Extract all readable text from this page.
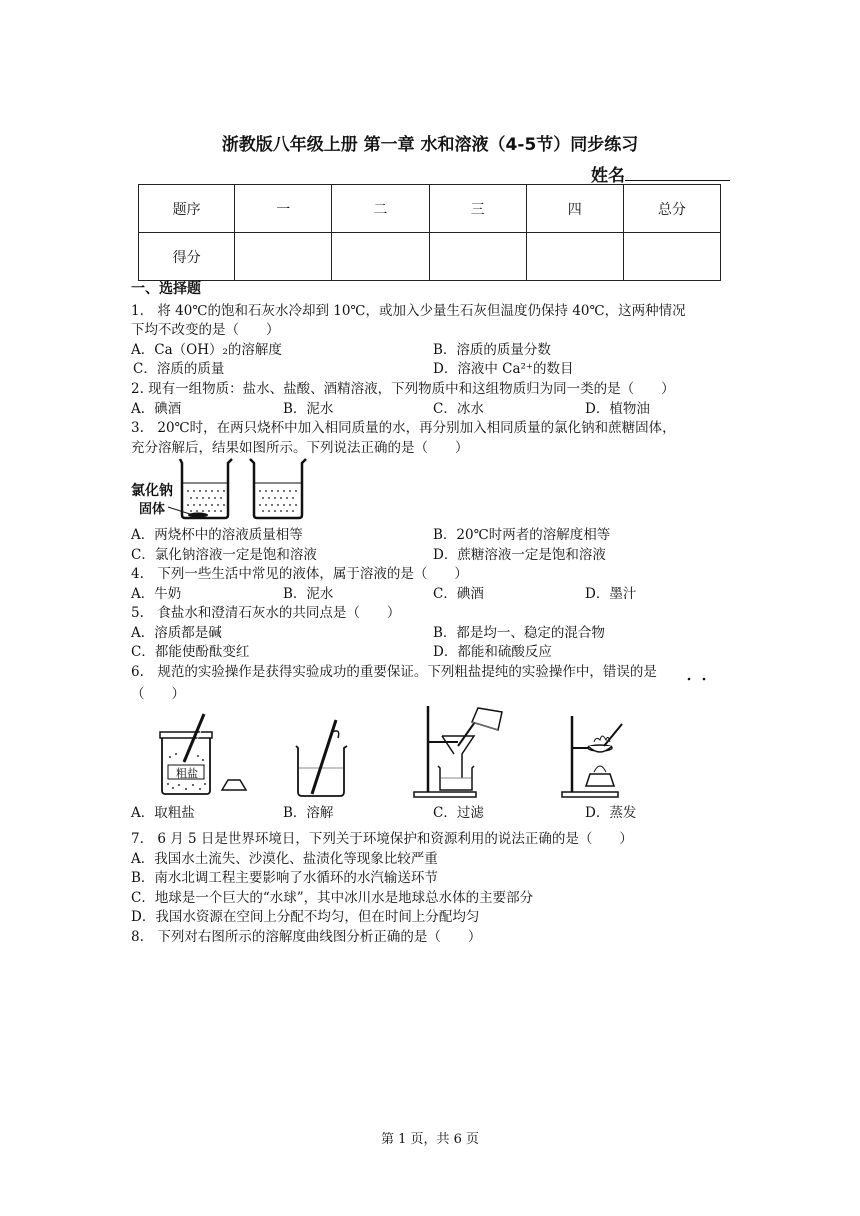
浙教版八年级上册 第一章 水和溶液（4-5节）同步练习
姓名
题序	一	二	三	四	总分
得分					
一、选择题
1.　将 40℃的饱和石灰水冷却到 10℃，或加入少量生石灰但温度仍保持 40℃，这两种情况
下均不改变的是（　　）
A．Ca（OH）₂的溶解度	B．溶质的质量分数
C．溶质的质量	D．溶液中 Ca²⁺的数目
2. 现有一组物质：盐水、盐酸、酒精溶液，下列物质中和这组物质归为同一类的是（　　）
A．碘酒	B．泥水	C．冰水	D．植物油
3.　20℃时，在两只烧杯中加入相同质量的水，再分别加入相同质量的氯化钠和蔗糖固体，
充分溶解后，结果如图所示。下列说法正确的是（　　）
氯化钠
固体
A．两烧杯中的溶液质量相等	B．20℃时两者的溶解度相等
C．氯化钠溶液一定是饱和溶液	D．蔗糖溶液一定是饱和溶液
4.　下列一些生活中常见的液体，属于溶液的是（　　）
A．牛奶	B．泥水	C．碘酒	D．墨汁
5.　食盐水和澄清石灰水的共同点是（　　）
A．溶质都是碱	B．都是均一、稳定的混合物
C．都能使酚酞变红	D．都能和硫酸反应
6.　规范的实验操作是获得实验成功的重要保证。下列粗盐提纯的实验操作中，错误的是
（　　）
粗盐
A．取粗盐	B．溶解	C．过滤	D．蒸发
7.　6 月 5 日是世界环境日，下列关于环境保护和资源利用的说法正确的是（　　）
A．我国水土流失、沙漠化、盐渍化等现象比较严重
B．南水北调工程主要影响了水循环的水汽输送环节
C．地球是一个巨大的“水球”，其中冰川水是地球总水体的主要部分
D．我国水资源在空间上分配不均匀，但在时间上分配均匀
8.　下列对右图所示的溶解度曲线图分析正确的是（　　）
第 1 页，共 6 页
